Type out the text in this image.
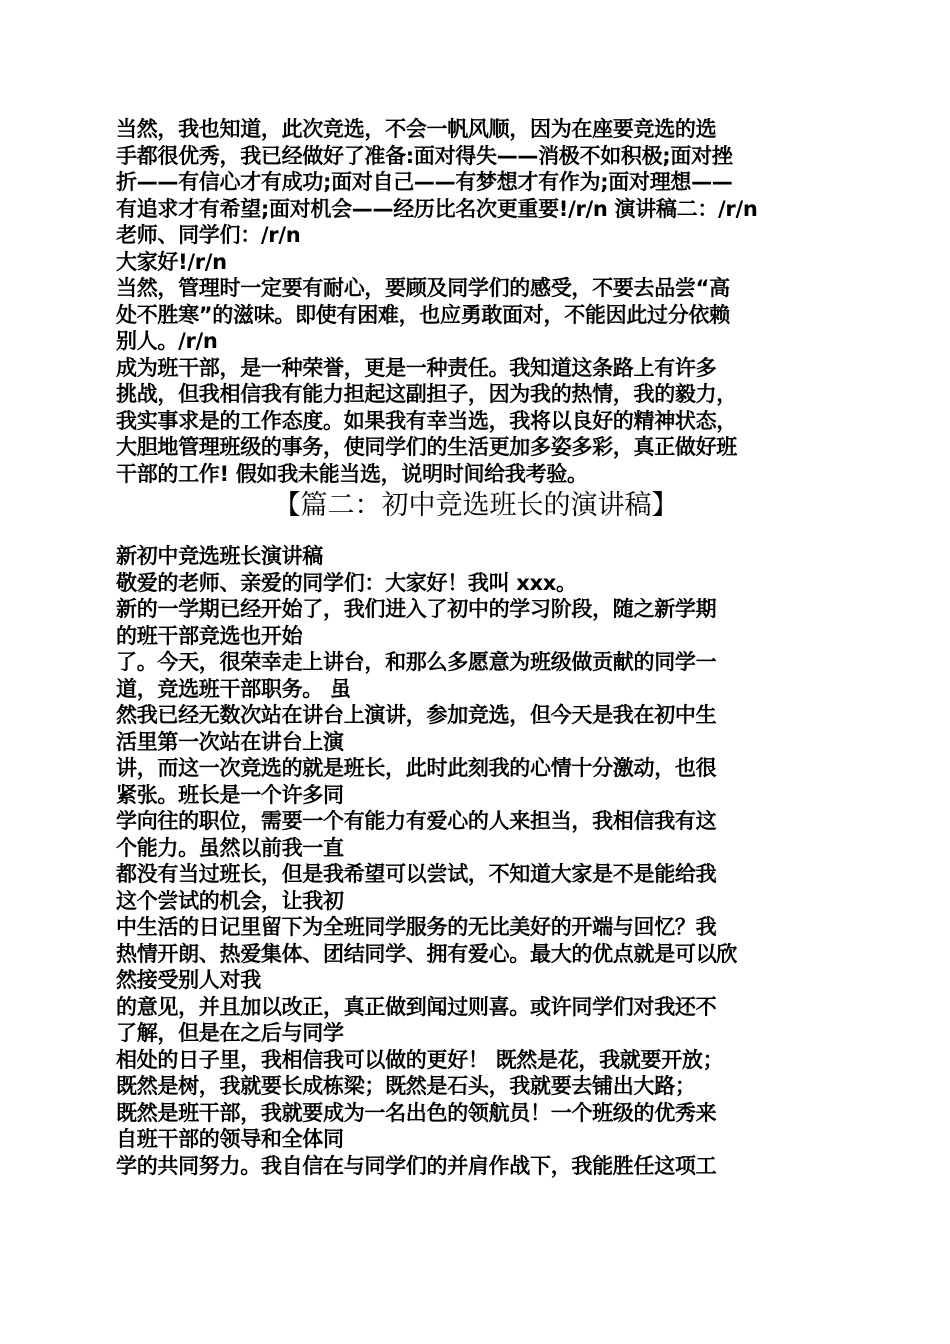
当然，我也知道，此次竞选，不会一帆风顺，因为在座要竞选的选
手都很优秀，我已经做好了准备:面对得失——消极不如积极;面对挫
折——有信心才有成功;面对自己——有梦想才有作为;面对理想——
有追求才有希望;面对机会——经历比名次更重要!/r/n 演讲稿二：/r/n
老师、同学们：/r/n
大家好!/r/n
当然，管理时一定要有耐心，要顾及同学们的感受，不要去品尝“高
处不胜寒”的滋味。即使有困难，也应勇敢面对，不能因此过分依赖
别人。/r/n
成为班干部，是一种荣誉，更是一种责任。我知道这条路上有许多
挑战，但我相信我有能力担起这副担子，因为我的热情，我的毅力，
我实事求是的工作态度。如果我有幸当选，我将以良好的精神状态，
大胆地管理班级的事务，使同学们的生活更加多姿多彩，真正做好班
干部的工作! 假如我未能当选，说明时间给我考验。
【篇二：初中竞选班长的演讲稿】
新初中竞选班长演讲稿
敬爱的老师、亲爱的同学们：大家好！我叫 xxx。
新的一学期已经开始了，我们进入了初中的学习阶段，随之新学期
的班干部竞选也开始
了。今天，很荣幸走上讲台，和那么多愿意为班级做贡献的同学一
道，竞选班干部职务。 虽
然我已经无数次站在讲台上演讲，参加竞选，但今天是我在初中生
活里第一次站在讲台上演
讲，而这一次竞选的就是班长，此时此刻我的心情十分激动，也很
紧张。班长是一个许多同
学向往的职位，需要一个有能力有爱心的人来担当，我相信我有这
个能力。虽然以前我一直
都没有当过班长，但是我希望可以尝试，不知道大家是不是能给我
这个尝试的机会，让我初
中生活的日记里留下为全班同学服务的无比美好的开端与回忆？我
热情开朗、热爱集体、团结同学、拥有爱心。最大的优点就是可以欣
然接受别人对我
的意见，并且加以改正，真正做到闻过则喜。或许同学们对我还不
了解，但是在之后与同学
相处的日子里，我相信我可以做的更好！ 既然是花，我就要开放；
既然是树，我就要长成栋梁；既然是石头，我就要去铺出大路；
既然是班干部，我就要成为一名出色的领航员！一个班级的优秀来
自班干部的领导和全体同
学的共同努力。我自信在与同学们的并肩作战下，我能胜任这项工
